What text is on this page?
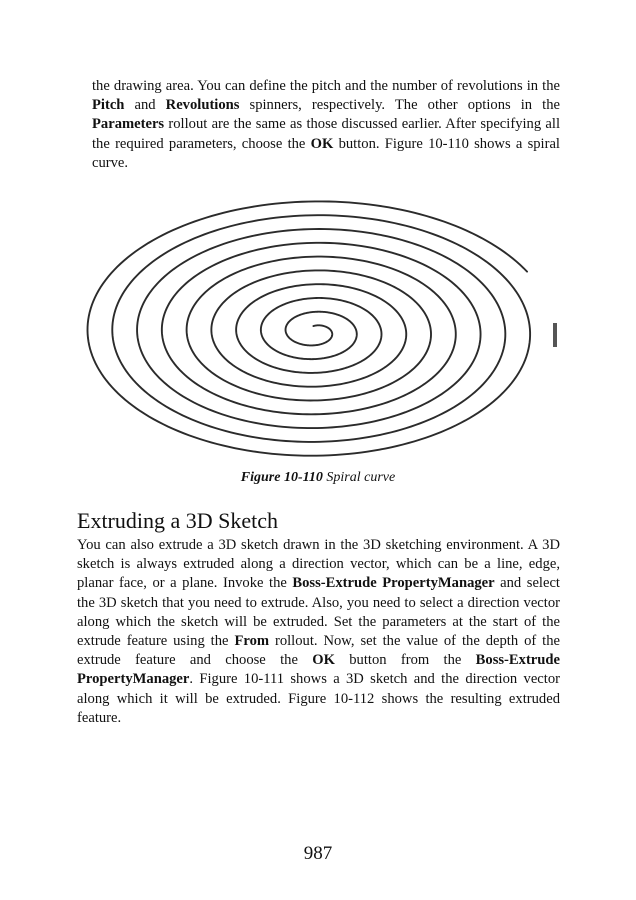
the drawing area. You can define the pitch and the number of revolutions in the Pitch and Revolutions spinners, respectively. The other options in the Parameters rollout are the same as those discussed earlier. After specifying all the required parameters, choose the OK button. Figure 10-110 shows a spiral curve.

Figure 10-110 Spiral curve
Extruding a 3D Sketch

You can also extrude a 3D sketch drawn in the 3D sketching environment. A 3D sketch is always extruded along a direction vector, which can be a line, edge, planar face, or a plane. Invoke the Boss-Extrude PropertyManager and select the 3D sketch that you need to extrude. Also, you need to select a direction vector along which the sketch will be extruded. Set the parameters at the start of the extrude feature using the From rollout. Now, set the value of the depth of the extrude feature and choose the OK button from the Boss-Extrude PropertyManager. Figure 10-111 shows a 3D sketch and the direction vector along which it will be extruded. Figure 10-112 shows the resulting extruded feature.

987
